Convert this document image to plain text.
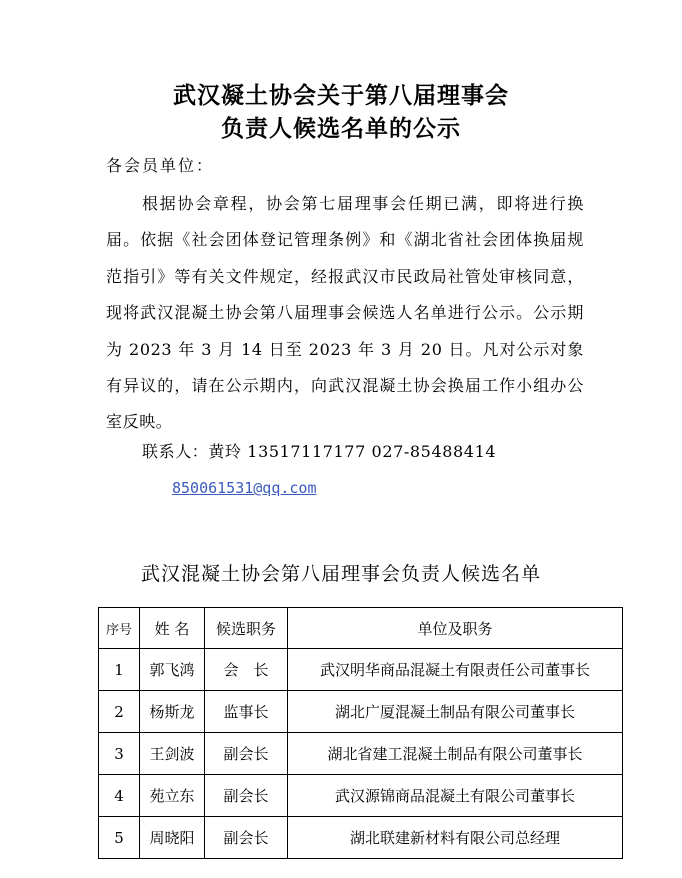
武汉凝土协会关于第八届理事会
负责人候选名单的公示
各会员单位：
根据协会章程，协会第七届理事会任期已满，即将进行换届。依据《社会团体登记管理条例》和《湖北省社会团体换届规范指引》等有关文件规定，经报武汉市民政局社管处审核同意，现将武汉混凝土协会第八届理事会候选人名单进行公示。公示期为 2023 年 3 月 14 日至 2023 年 3 月 20 日。凡对公示对象有异议的，请在公示期内，向武汉混凝土协会换届工作小组办公室反映。
联系人：黄玲 13517117177 027-85488414
850061531@qq.com
武汉混凝土协会第八届理事会负责人候选名单
序号	姓 名	候选职务	单位及职务
1	郭飞鸿	会　长	武汉明华商品混凝土有限责任公司董事长
2	杨斯龙	监事长	湖北广厦混凝土制品有限公司董事长
3	王剑波	副会长	湖北省建工混凝土制品有限公司董事长
4	苑立东	副会长	武汉源锦商品混凝土有限公司董事长
5	周晓阳	副会长	湖北联建新材料有限公司总经理
